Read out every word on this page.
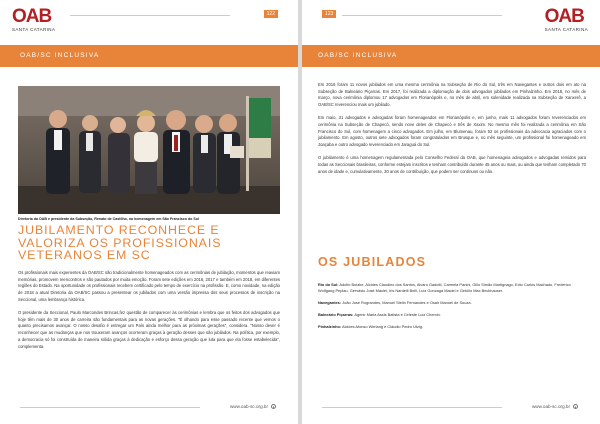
OAB
SANTA CATARINA
122
OAB/SC INCLUSIVA
Diretoria da OAB e presidente da Subseção, Renato de Castilho, na homenagem em São Francisco do Sul
JUBILAMENTO RECONHECE E VALORIZA OS PROFISSIONAIS VETERANOS EM SC

Os profissionais mais experientes da OAB/SC são tradicionalmente homenageados com as cerimônias de jubilação, momentos que reaviam memórias, promovem reencontros e são pautados por muita emoção. Foram sete edições em 2016, 2017 e também em 2018, em diferentes regiões do Estado. Na oportunidade os profissionais recebem certificado pelo tempo de exercício na profissão. E, como novidade, na edição de 2018 a atual Diretoria da OAB/SC passou a presentear os jubilados com uma versão impressa dos seus processos de inscrição na Seccional, uma lembrança histórica.

O presidente da Seccional, Paulo Marcondes Brincas,fez questão de comparecer às cerimônias e lembra que os feitos dos advogados que hoje têm mais de 30 anos de carreira são fundamentais para as novas gerações. "É olhando para esse passado recente que vemos o quanto precisamos avançar. O nosso desafio é entregar um País ainda melhor para as próximas gerações", considera. "Nosso dever é reconhecer que as mudanças que nos trouxeram avanços ocorreram graças à geração desses que são jubilados. Na política, por exemplo, a democracia só foi construída de maneira sólida graças à dedicação e esforço dessa geração que luta para que ela fosse estabelecida", complementa.

www.oab-sc.org.br	●
123	OAB
SANTA CATARINA
OAB/SC INCLUSIVA

Em 2016 foram 11 novos jubilados em uma mesma cerimônia na Subseção de Rio do Sul, três em Navegantes e outros dois em ato na Subseção de Balneário Piçarras. Em 2017, foi realizada a diplomação de dois advogados jubilados em Pinhalzinho. Em 2018, no mês de março, nova cerimônia diplomou 17 advogados em Florianópolis e, no mês de abril, em solenidade realizada na Subseção de Xanxerê, a OAB/SC reverenciou mais um jubilado.

Em maio, 31 advogados e advogadas foram homenageados em Florianópolis e, em junho, mais 11 advogados foram reverenciados em cerimônia na Subseção de Chapecó, sendo nove deles de Chapecó e três de Xaxim. No mesmo mês foi realizada a cerimônia em São Francisco do Sul, com homenagem a cinco advogados. Em julho, em Blumenau, foram 52 os profissionais da advocacia agraciados com o jubilamento. Em agosto, outros sete advogados foram congratulados em Brusque e, no mês seguinte, um profissional foi homenageado em Joaçaba e outro advogado reverenciado em Jaraguá do Sul.

O jubilamento é uma homenagem regulamentada pelo Conselho Federal da OAB, que homenageia advogados e advogadas remidos para todas as Seccionais brasileiras, conforme estejam inscritos e tenham contribuído durante 45 anos ou mais, ou ainda que tenham completado 70 anos de idade e, cumulativamente, 30 anos de contribuição, que podem ser contínuos ou não.

OS JUBILADOS

Rio do Sul: Adolfo Butzke, Alcides Claudino dos Santos, Alvaro Gadotti, Carmela Panini, Gilio Simão Martignago, Edio Carlos Machado, Frederico Wolfgang Peplau, Gervásio José Maciel, Iris Nardelli Belli, Luiz Gonzaga Maciel e Getúlio Max Beckhauser.

Navegantes: João José Rograndes, Manoel Stelin Fernandes e Osair Manoel de Souza.

Balneário Piçarras: Agenir Maria Assis Batista e Celeste Luiz Chemin.

Pinhalzinho: Alcides Afonso Werlang e Cláudio Pedro Utzig.

www.oab-sc.org.br	●
